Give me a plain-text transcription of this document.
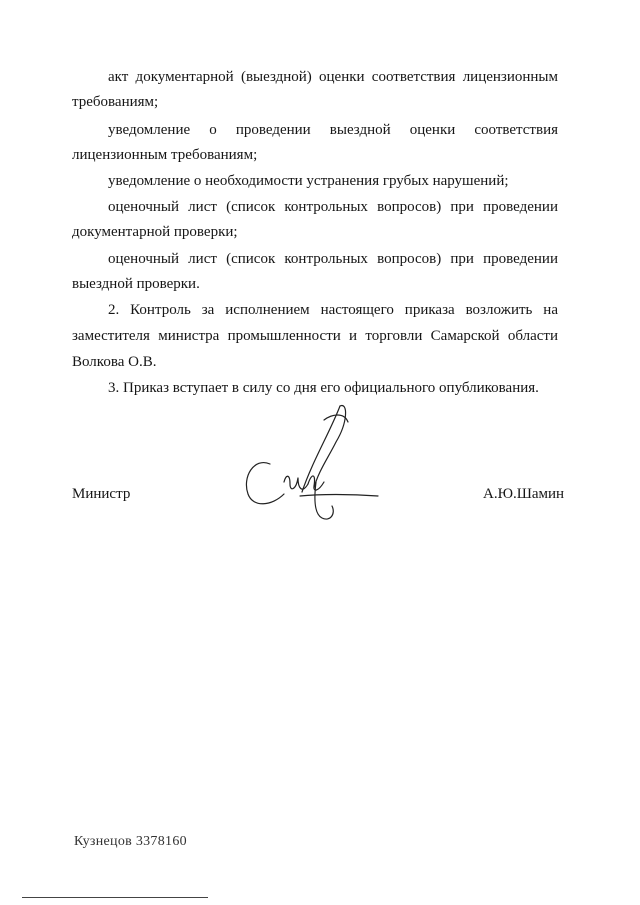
акт документарной (выездной) оценки соответствия лицензионным
требованиям;
уведомление о проведении выездной оценки соответствия
лицензионным требованиям;
уведомление о необходимости устранения грубых нарушений;
оценочный лист (список контрольных вопросов) при проведении
документарной проверки;
оценочный лист (список контрольных вопросов) при проведении
выездной проверки.
2. Контроль за исполнением настоящего приказа возложить на
заместителя министра промышленности и торговли Самарской области
Волкова О.В.
3. Приказ вступает в силу со дня его официального опубликования.
Министр	А.Ю.Шамин
Кузнецов 3378160
